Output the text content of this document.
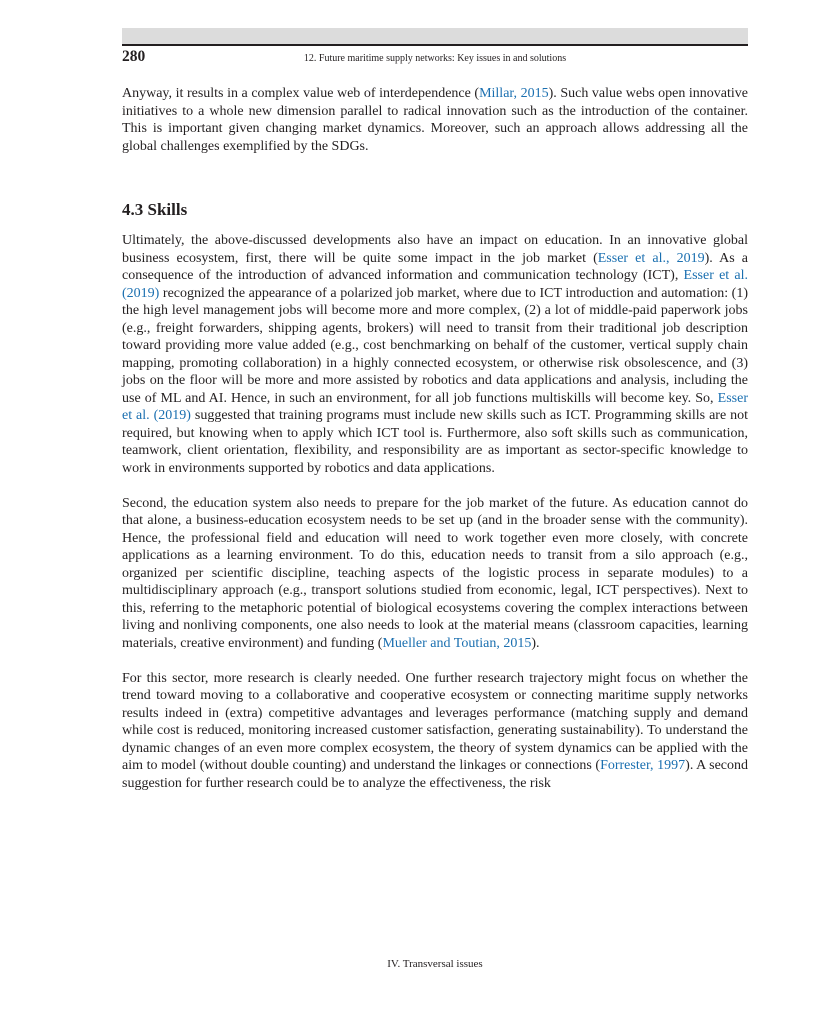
280	12. Future maritime supply networks: Key issues in and solutions

Anyway, it results in a complex value web of interdependence (Millar, 2015). Such value webs open innovative initiatives to a whole new dimension parallel to radical innovation such as the introduction of the container. This is important given changing market dynamics. Moreover, such an approach allows addressing all the global challenges exemplified by the SDGs.

4.3 Skills

Ultimately, the above-discussed developments also have an impact on education. In an innovative global business ecosystem, first, there will be quite some impact in the job market (Esser et al., 2019). As a consequence of the introduction of advanced information and communication technology (ICT), Esser et al. (2019) recognized the appearance of a polarized job market, where due to ICT introduction and automation: (1) the high level management jobs will become more and more complex, (2) a lot of middle-paid paperwork jobs (e.g., freight forwarders, shipping agents, brokers) will need to transit from their traditional job description toward providing more value added (e.g., cost benchmarking on behalf of the customer, vertical supply chain mapping, promoting collaboration) in a highly connected ecosystem, or otherwise risk obsolescence, and (3) jobs on the floor will be more and more assisted by robotics and data applications and analysis, including the use of ML and AI. Hence, in such an environment, for all job functions multiskills will become key. So, Esser et al. (2019) suggested that training programs must include new skills such as ICT. Programming skills are not required, but knowing when to apply which ICT tool is. Furthermore, also soft skills such as communication, teamwork, client orientation, flexibility, and responsibility are as important as sector-specific knowledge to work in environments supported by robotics and data applications.

Second, the education system also needs to prepare for the job market of the future. As education cannot do that alone, a business-education ecosystem needs to be set up (and in the broader sense with the community). Hence, the professional field and education will need to work together even more closely, with concrete applications as a learning environment. To do this, education needs to transit from a silo approach (e.g., organized per scientific discipline, teaching aspects of the logistic process in separate modules) to a multidisciplinary approach (e.g., transport solutions studied from economic, legal, ICT perspectives). Next to this, referring to the metaphoric potential of biological ecosystems covering the complex interactions between living and nonliving components, one also needs to look at the material means (classroom capacities, learning materials, creative environment) and funding (Mueller and Toutian, 2015).

For this sector, more research is clearly needed. One further research trajectory might focus on whether the trend toward moving to a collaborative and cooperative ecosystem or connecting maritime supply networks results indeed in (extra) competitive advantages and leverages performance (matching supply and demand while cost is reduced, monitoring increased customer satisfaction, generating sustainability). To understand the dynamic changes of an even more complex ecosystem, the theory of system dynamics can be applied with the aim to model (without double counting) and understand the linkages or connections (Forrester, 1997). A second suggestion for further research could be to analyze the effectiveness, the risk

IV. Transversal issues
